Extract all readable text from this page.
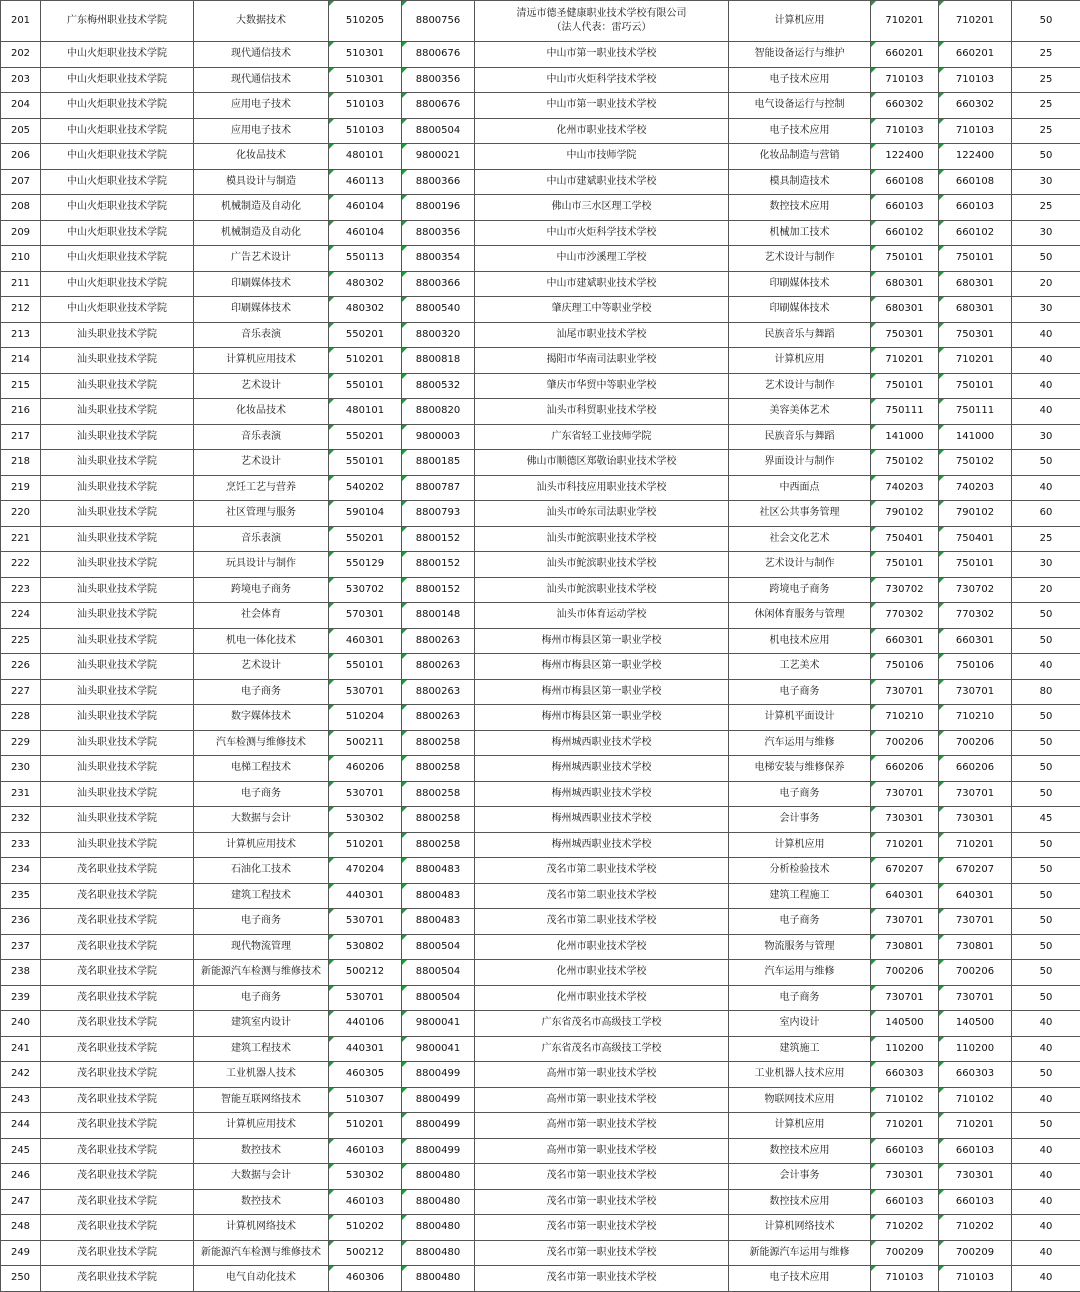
201	广东梅州职业技术学院	大数据技术	510205	8800756	清远市德圣健康职业技术学校有限公司
（法人代表：雷巧云）	计算机应用	710201	710201	50
202	中山火炬职业技术学院	现代通信技术	510301	8800676	中山市第一职业技术学校	智能设备运行与维护	660201	660201	25
203	中山火炬职业技术学院	现代通信技术	510301	8800356	中山市火炬科学技术学校	电子技术应用	710103	710103	25
204	中山火炬职业技术学院	应用电子技术	510103	8800676	中山市第一职业技术学校	电气设备运行与控制	660302	660302	25
205	中山火炬职业技术学院	应用电子技术	510103	8800504	化州市职业技术学校	电子技术应用	710103	710103	25
206	中山火炬职业技术学院	化妆品技术	480101	9800021	中山市技师学院	化妆品制造与营销	122400	122400	50
207	中山火炬职业技术学院	模具设计与制造	460113	8800366	中山市建斌职业技术学校	模具制造技术	660108	660108	30
208	中山火炬职业技术学院	机械制造及自动化	460104	8800196	佛山市三水区理工学校	数控技术应用	660103	660103	25
209	中山火炬职业技术学院	机械制造及自动化	460104	8800356	中山市火炬科学技术学校	机械加工技术	660102	660102	30
210	中山火炬职业技术学院	广告艺术设计	550113	8800354	中山市沙溪理工学校	艺术设计与制作	750101	750101	50
211	中山火炬职业技术学院	印刷媒体技术	480302	8800366	中山市建斌职业技术学校	印刷媒体技术	680301	680301	20
212	中山火炬职业技术学院	印刷媒体技术	480302	8800540	肇庆理工中等职业学校	印刷媒体技术	680301	680301	30
213	汕头职业技术学院	音乐表演	550201	8800320	汕尾市职业技术学校	民族音乐与舞蹈	750301	750301	40
214	汕头职业技术学院	计算机应用技术	510201	8800818	揭阳市华南司法职业学校	计算机应用	710201	710201	40
215	汕头职业技术学院	艺术设计	550101	8800532	肇庆市华贸中等职业学校	艺术设计与制作	750101	750101	40
216	汕头职业技术学院	化妆品技术	480101	8800820	汕头市科贸职业技术学校	美容美体艺术	750111	750111	40
217	汕头职业技术学院	音乐表演	550201	9800003	广东省轻工业技师学院	民族音乐与舞蹈	141000	141000	30
218	汕头职业技术学院	艺术设计	550101	8800185	佛山市顺德区郑敬诒职业技术学校	界面设计与制作	750102	750102	50
219	汕头职业技术学院	烹饪工艺与营养	540202	8800787	汕头市科技应用职业技术学校	中西面点	740203	740203	40
220	汕头职业技术学院	社区管理与服务	590104	8800793	汕头市岭东司法职业学校	社区公共事务管理	790102	790102	60
221	汕头职业技术学院	音乐表演	550201	8800152	汕头市鮀滨职业技术学校	社会文化艺术	750401	750401	25
222	汕头职业技术学院	玩具设计与制作	550129	8800152	汕头市鮀滨职业技术学校	艺术设计与制作	750101	750101	30
223	汕头职业技术学院	跨境电子商务	530702	8800152	汕头市鮀滨职业技术学校	跨境电子商务	730702	730702	20
224	汕头职业技术学院	社会体育	570301	8800148	汕头市体育运动学校	休闲体育服务与管理	770302	770302	50
225	汕头职业技术学院	机电一体化技术	460301	8800263	梅州市梅县区第一职业学校	机电技术应用	660301	660301	50
226	汕头职业技术学院	艺术设计	550101	8800263	梅州市梅县区第一职业学校	工艺美术	750106	750106	40
227	汕头职业技术学院	电子商务	530701	8800263	梅州市梅县区第一职业学校	电子商务	730701	730701	80
228	汕头职业技术学院	数字媒体技术	510204	8800263	梅州市梅县区第一职业学校	计算机平面设计	710210	710210	50
229	汕头职业技术学院	汽车检测与维修技术	500211	8800258	梅州城西职业技术学校	汽车运用与维修	700206	700206	50
230	汕头职业技术学院	电梯工程技术	460206	8800258	梅州城西职业技术学校	电梯安装与维修保养	660206	660206	50
231	汕头职业技术学院	电子商务	530701	8800258	梅州城西职业技术学校	电子商务	730701	730701	50
232	汕头职业技术学院	大数据与会计	530302	8800258	梅州城西职业技术学校	会计事务	730301	730301	45
233	汕头职业技术学院	计算机应用技术	510201	8800258	梅州城西职业技术学校	计算机应用	710201	710201	50
234	茂名职业技术学院	石油化工技术	470204	8800483	茂名市第二职业技术学校	分析检验技术	670207	670207	50
235	茂名职业技术学院	建筑工程技术	440301	8800483	茂名市第二职业技术学校	建筑工程施工	640301	640301	50
236	茂名职业技术学院	电子商务	530701	8800483	茂名市第二职业技术学校	电子商务	730701	730701	50
237	茂名职业技术学院	现代物流管理	530802	8800504	化州市职业技术学校	物流服务与管理	730801	730801	50
238	茂名职业技术学院	新能源汽车检测与维修技术	500212	8800504	化州市职业技术学校	汽车运用与维修	700206	700206	50
239	茂名职业技术学院	电子商务	530701	8800504	化州市职业技术学校	电子商务	730701	730701	50
240	茂名职业技术学院	建筑室内设计	440106	9800041	广东省茂名市高级技工学校	室内设计	140500	140500	40
241	茂名职业技术学院	建筑工程技术	440301	9800041	广东省茂名市高级技工学校	建筑施工	110200	110200	40
242	茂名职业技术学院	工业机器人技术	460305	8800499	高州市第一职业技术学校	工业机器人技术应用	660303	660303	50
243	茂名职业技术学院	智能互联网络技术	510307	8800499	高州市第一职业技术学校	物联网技术应用	710102	710102	40
244	茂名职业技术学院	计算机应用技术	510201	8800499	高州市第一职业技术学校	计算机应用	710201	710201	50
245	茂名职业技术学院	数控技术	460103	8800499	高州市第一职业技术学校	数控技术应用	660103	660103	40
246	茂名职业技术学院	大数据与会计	530302	8800480	茂名市第一职业技术学校	会计事务	730301	730301	40
247	茂名职业技术学院	数控技术	460103	8800480	茂名市第一职业技术学校	数控技术应用	660103	660103	40
248	茂名职业技术学院	计算机网络技术	510202	8800480	茂名市第一职业技术学校	计算机网络技术	710202	710202	40
249	茂名职业技术学院	新能源汽车检测与维修技术	500212	8800480	茂名市第一职业技术学校	新能源汽车运用与维修	700209	700209	40
250	茂名职业技术学院	电气自动化技术	460306	8800480	茂名市第一职业技术学校	电子技术应用	710103	710103	40
